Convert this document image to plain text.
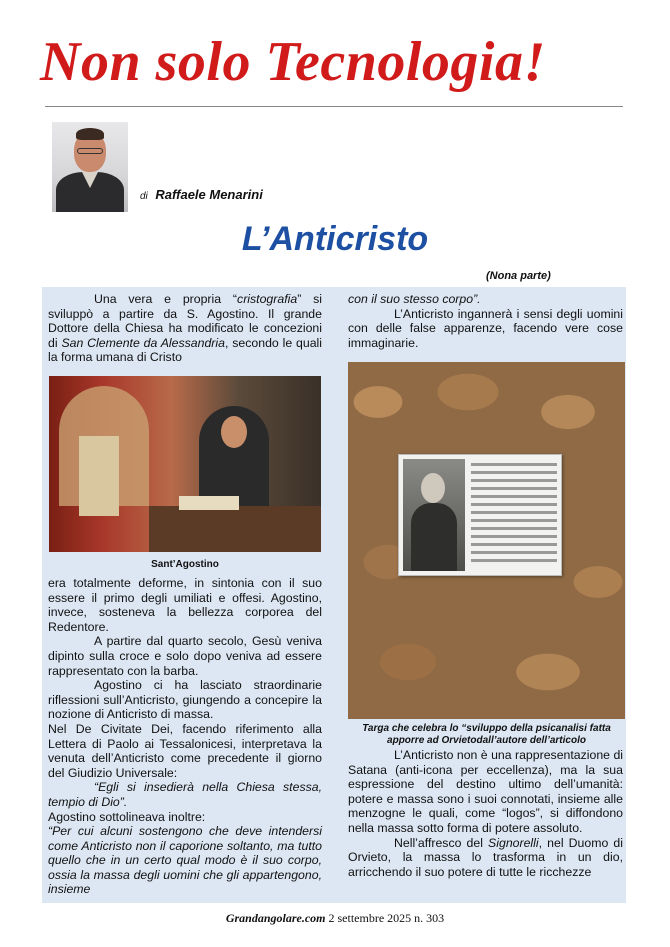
Non solo Tecnologia!
di Raffaele Menarini
L’Anticristo
(Nona parte)

Una vera e propria “cristografia” si sviluppò a partire da S. Agostino. Il grande Dottore della Chiesa ha modificato le concezioni di San Clemente da Alessandria, secondo le quali la forma umana di Cristo

Sant’Agostino

era totalmente deforme, in sintonia con il suo essere il primo degli umiliati e offesi. Agostino, invece, sosteneva la bellezza corporea del Redentore.

A partire dal quarto secolo, Gesù veniva dipinto sulla croce e solo dopo veniva ad essere rappresentato con la barba.

Agostino ci ha lasciato straordinarie riflessioni sull’Anticristo, giungendo a concepire la nozione di Anticristo di massa.

Nel De Civitate Dei, facendo riferimento alla Lettera di Paolo ai Tessalonicesi, interpretava la venuta dell’Anticristo come precedente il giorno del Giudizio Universale:

“Egli si insedierà nella Chiesa stessa, tempio di Dio”.

Agostino sottolineava inoltre:

“Per cui alcuni sostengono che deve intendersi come Anticristo non il caporione soltanto, ma tutto quello che in un certo qual modo è il suo corpo, ossia la massa degli uomini che gli appartengono, insieme

con il suo stesso corpo”.

L’Anticristo ingannerà i sensi degli uomini con delle false apparenze, facendo vere cose immaginarie.

Targa che celebra lo “sviluppo della psicanalisi fatta apporre ad Orvietodall’autore dell’articolo

L’Anticristo non è una rappresentazione di Satana (anti-icona per eccellenza), ma la sua espressione del destino ultimo dell’umanità: potere e massa sono i suoi connotati, insieme alle menzogne le quali, come “logos”, si diffondono nella massa sotto forma di potere assoluto.

Nell’affresco del Signorelli, nel Duomo di Orvieto, la massa lo trasforma in un dio, arricchendo il suo potere di tutte le ricchezze

Grandangolare.com 2 settembre 2025 n. 303
